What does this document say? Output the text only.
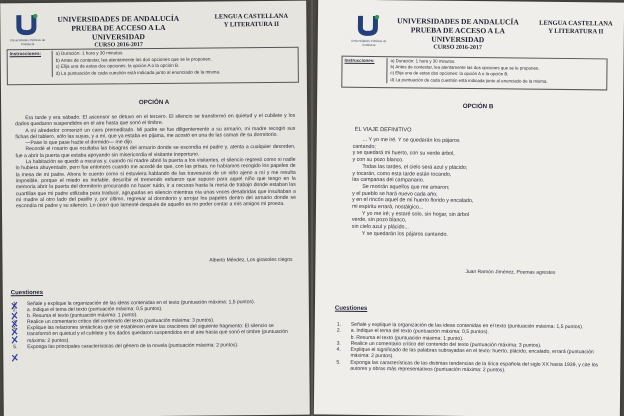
Universidades Públicas de Andalucía
UNIVERSIDADES DE ANDALUCÍA
PRUEBA DE ACCESO A LA UNIVERSIDAD
CURSO 2016-2017
LENGUA CASTELLANA
Y LITERATURA II
Instrucciones:	a) Duración: 1 hora y 30 minutos.
b) Antes de contestar, lea atentamente las dos opciones que se le proponen.
c) Elija una de estas dos opciones: la opción A o la opción B.
d) La puntuación de cada cuestión está indicada junto al enunciado de la misma.
OPCIÓN A

Era tarde y era sábado. El ascensor se detuvo en el tercero. El silencio se transformó en quietud y el cubilete y los dados quedaron suspendidos en el aire hasta que sonó el timbre.

A mi alrededor comenzó un caos premeditado. Mi padre se fue diligentemente a su armario, mi madre recogió sus fichas del tablero, sólo las suyas, y a mí, que ya estaba en pijama, me acostó en una de las camas de su dormitorio.

—Pase lo que pase hazte el dormido— me dijo.

Recordé el rosario que ocultaba las bisagras del armario donde se escondía mi padre y, atenta a cualquier desorden, fue a abrir la puerta que estaba apoyando sin misericordia el visitante inoportuno.

La habitación se quedó a oscuras y, cuando mi madre abrió la puerta a los visitantes, el silencio regresó como si nadie lo hubiera ahuyentado, pero fue entonces cuando me acordé de que, con las prisas, no habíamos recogido los papeles de la mesa de mi padre. Ahora lo cuento como si estuviera hablando de las travesuras de un niño ajeno a mí y me resulta imposible, porque el miedo es inefable, describir el tremendo esfuerzo que supuso para aquel niño que tengo en la memoria abrir la puerta del dormitorio procurando no hacer ruido, ir a oscuras hasta la mesa de trabajo donde estaban las cuartillas que mi padre utilizaba para traducir, agruparlas en silencio mientras oía unas voces desabridas que insultaban a mi madre al otro lado del pasillo y, por último, regresar al dormitorio y arrojar los papeles dentro del armario donde se escondía mi padre y su silencio. Lo único que lamenté después de aquello es no poder contar a mis amigos mi proeza.

Alberto Méndez, Los girasoles ciegos
Cuestiones
1. Señale y explique la organización de las ideas contenidas en el texto (puntuación máxima: 1,5 puntos).
2. a. Indique el tema del texto (puntuación máxima: 0,5 puntos).
b. Resuma el texto (puntuación máxima: 1 punto).
3. Realice un comentario crítico del contenido del texto (puntuación máxima: 3 puntos).
4. Explique las relaciones sintácticas que se establecen entre las oraciones del siguiente fragmento: El silencio se transformó en quietud y el cubilete y los dados quedaron suspendidos en el aire hasta que sonó el timbre (puntuación máxima: 2 puntos).
5. Exponga las principales características del género de la novela (puntuación máxima: 2 puntos).
Universidades Públicas de Andalucía
UNIVERSIDADES DE ANDALUCÍA
PRUEBA DE ACCESO A LA UNIVERSIDAD
CURSO 2016-2017
LENGUA CASTELLANA
Y LITERATURA II
Instrucciones:	a) Duración: 1 hora y 30 minutos.
b) Antes de contestar, lea atentamente las dos opciones que se le proponen.
c) Elija una de estas dos opciones: la opción A o la opción B.
d) La puntuación de cada cuestión está indicada junto al enunciado de la misma.
OPCIÓN B
EL VIAJE DEFINITIVO
... Y yo me iré. Y se quedarán los pájaros
cantando;
y se quedará mi huerto, con su verde árbol,
y con su pozo blanco.
Todas las tardes, el cielo será azul y plácido;
y tocarán, como esta tarde están tocando,
las campanas del campanario.
Se morirán aquellos que me amaron;
y el pueblo se hará nuevo cada año;
y en el rincón aquel de mi huerto florido y encalado,
mi espíritu errará, nostálgico...
Y yo me iré; y estaré solo, sin hogar, sin árbol
verde, sin pozo blanco,
sin cielo azul y plácido...
Y se quedarán los pájaros cantando.
Juan Ramón Jiménez, Poemas agrestes
Cuestiones
1. Señale y explique la organización de las ideas contenidas en el texto (puntuación máxima: 1,5 puntos).
2. a. Indique el tema del texto (puntuación máxima: 0,5 puntos).
b. Resuma el texto (puntuación máxima: 1 punto).
3. Realice un comentario crítico del contenido del texto (puntuación máxima: 3 puntos).
4. Explique el significado de las palabras subrayadas en el texto: huerto, plácido, encalado, errará (puntuación máxima: 2 puntos).
5. Exponga las características de las distintas tendencias de la lírica española del siglo XX hasta 1939, y cite los autores y obras más representativos (puntuación máxima: 2 puntos).
